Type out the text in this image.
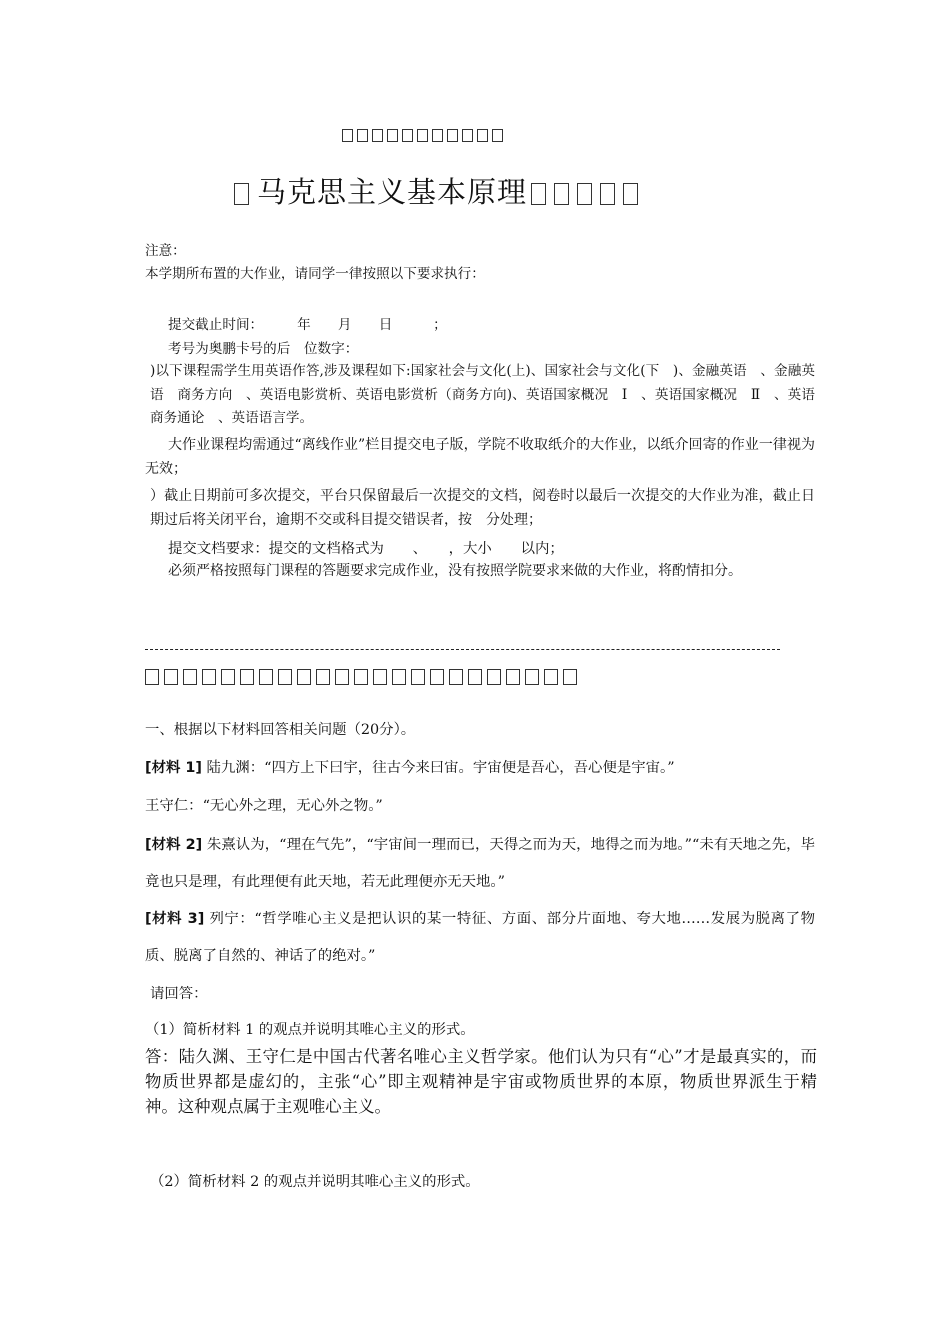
马克思主义基本原理
注意：
本学期所布置的大作业，请同学一律按照以下要求执行：
提交截止时间：　　　年　　月　　日　　　；
考号为奥鹏卡号的后　位数字：
)以下课程需学生用英语作答,涉及课程如下:国家社会与文化(上)、国家社会与文化(下　)、金融英语　、金融英语　商务方向　、英语电影赏析、英语电影赏析（商务方向)、英语国家概况　Ⅰ　、英语国家概况　Ⅱ　、英语商务通论　、英语语言学。
大作业课程均需通过“离线作业”栏目提交电子版，学院不收取纸介的大作业，以纸介回寄的作业一律视为无效；
）截止日期前可多次提交，平台只保留最后一次提交的文档，阅卷时以最后一次提交的大作业为准，截止日期过后将关闭平台，逾期不交或科目提交错误者，按　分处理；
提交文档要求：提交的文档格式为　　、　　，大小　　以内；
必须严格按照每门课程的答题要求完成作业，没有按照学院要求来做的大作业，将酌情扣分。
一、根据以下材料回答相关问题（20分）。
[材料 1] 陆九渊：“四方上下曰宇，往古今来曰宙。宇宙便是吾心，吾心便是宇宙。”
王守仁：“无心外之理，无心外之物。”
[材料 2] 朱熹认为，“理在气先”，“宇宙间一理而已，天得之而为天，地得之而为地。”“未有天地之先，毕竟也只是理，有此理便有此天地，若无此理便亦无天地。”
[材料 3] 列宁：“哲学唯心主义是把认识的某一特征、方面、部分片面地、夸大地……发展为脱离了物质、脱离了自然的、神话了的绝对。”
请回答：
（1）简析材料 1 的观点并说明其唯心主义的形式。
答：陆久渊、王守仁是中国古代著名唯心主义哲学家。他们认为只有“心”才是最真实的，而物质世界都是虚幻的，主张“心”即主观精神是宇宙或物质世界的本原，物质世界派生于精神。这种观点属于主观唯心主义。
（2）简析材料 2 的观点并说明其唯心主义的形式。
